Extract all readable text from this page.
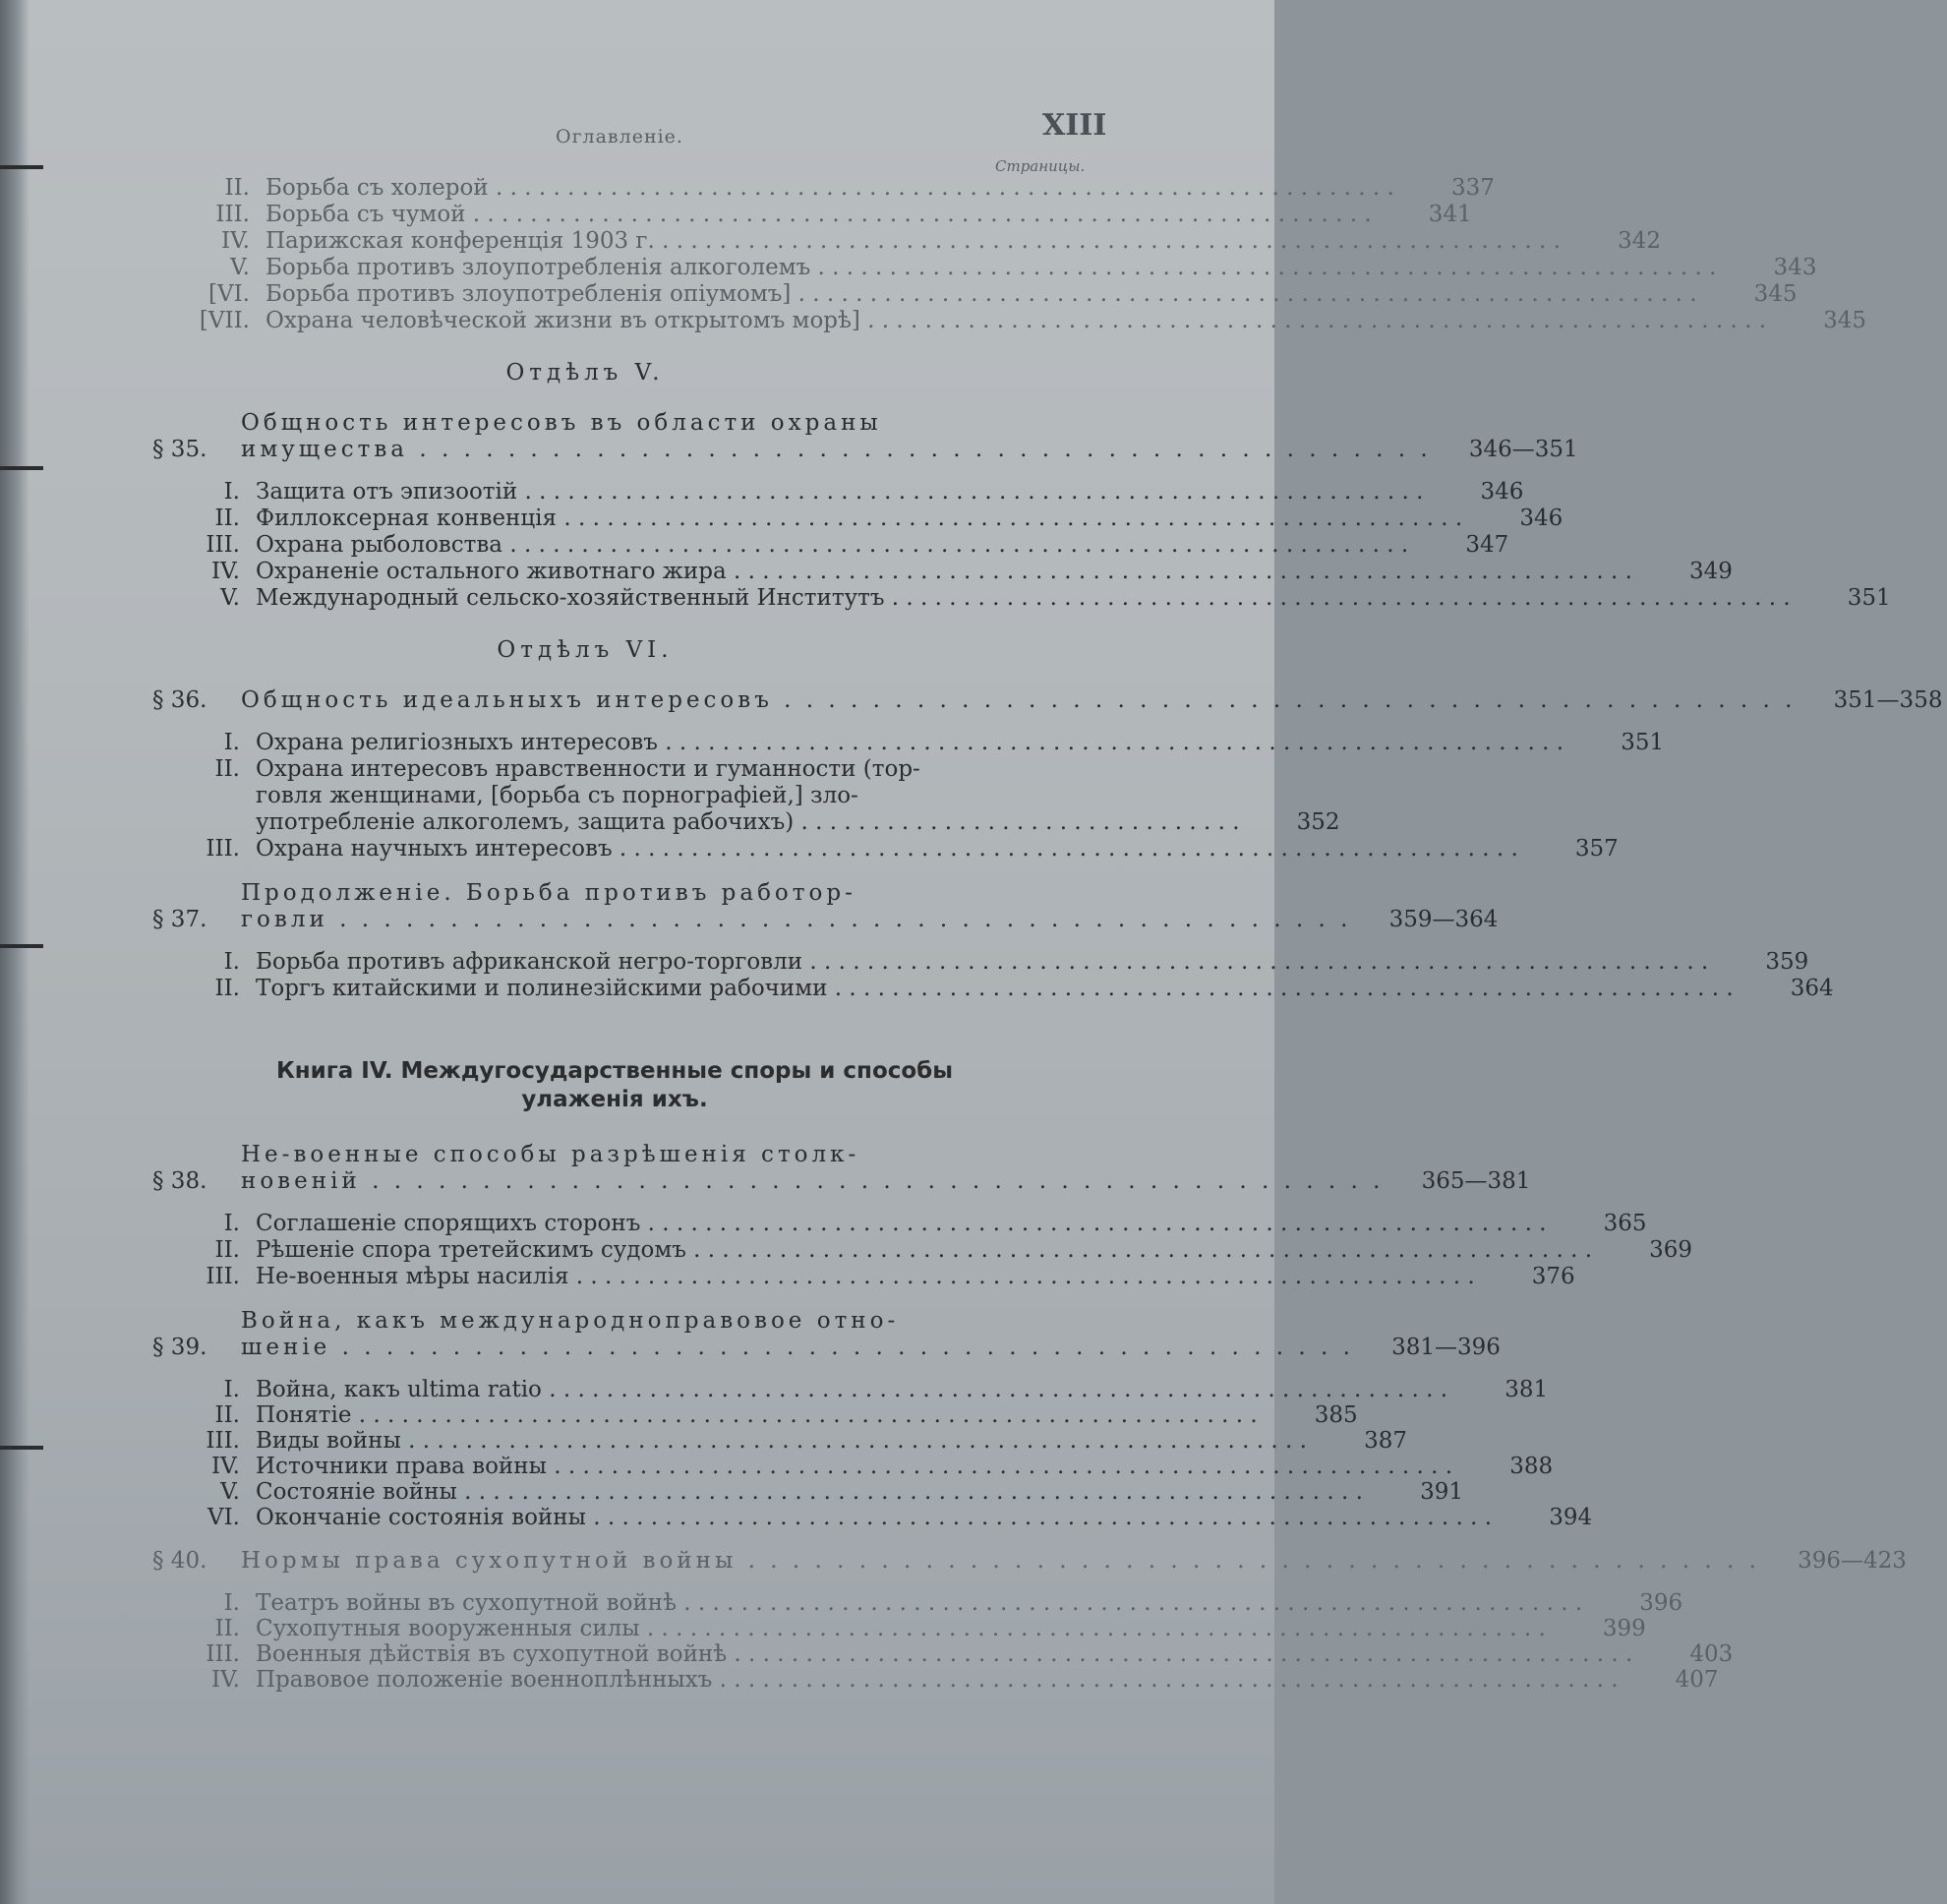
Оглавленіе.	XIII
Страницы.
II. Борьба съ холерой . . .	337
III. Борьба съ чумой . . .	341
IV. Парижская конференція 1903 г. . . .	342
V. Борьба противъ злоупотребленія алкоголемъ . . .	343
[VI. Борьба противъ злоупотребленія опіумомъ] . . .	345
[VII. Охрана человѣческой жизни въ открытомъ морѣ] . . .	345
Отдѣлъ V.
§ 35.
Общность интересовъ въ области охраны
имущества . . .	346—351
I. Защита отъ эпизоотій . . .	346
II. Филлоксерная конвенція . . .	346
III. Охрана рыболовства . . .	347
IV. Охраненіе остального животнаго жира . . .	349
V. Международный сельско-хозяйственный Институтъ . . .	351
Отдѣлъ VI.
§ 36.	Общность идеальныхъ интересовъ . . .	351—358
I. Охрана религіозныхъ интересовъ . . .	351
II. Охрана интересовъ нравственности и гуманности (тор-
говля женщинами, [борьба съ порнографіей,] зло-
употребленіе алкоголемъ, защита рабочихъ) . . .	352
III. Охрана научныхъ интересовъ . . .	357
§ 37.
Продолженіе. Борьба противъ работор-
говли . . .	359—364
I. Борьба противъ африканской негро-торговли . . .	359
II. Торгъ китайскими и полинезійскими рабочими . . .	364
Книга IV. Междугосударственные споры и способы
улаженія ихъ.
§ 38.
Не-военные способы разрѣшенія столк-
новеній . . .	365—381
I. Соглашеніе спорящихъ сторонъ . . .	365
II. Рѣшеніе спора третейскимъ судомъ . . .	369
III. Не-военныя мѣры насилія . . .	376
§ 39.
Война, какъ международноправовое отно-
шеніе . . .	381—396
I. Война, какъ ultima ratio . . .	381
II. Понятіе . . .	385
III. Виды войны . . .	387
IV. Источники права войны . . .	388
V. Состояніе войны . . .	391
VI. Окончаніе состоянія войны . . .	394
§ 40.	Нормы права сухопутной войны . . .	396—423
I. Театръ войны въ сухопутной войнѣ . . .	396
II. Сухопутныя вооруженныя силы . . .	399
III. Военныя дѣйствія въ сухопутной войнѣ . . .	403
IV. Правовое положеніе военноплѣнныхъ . . .	407
